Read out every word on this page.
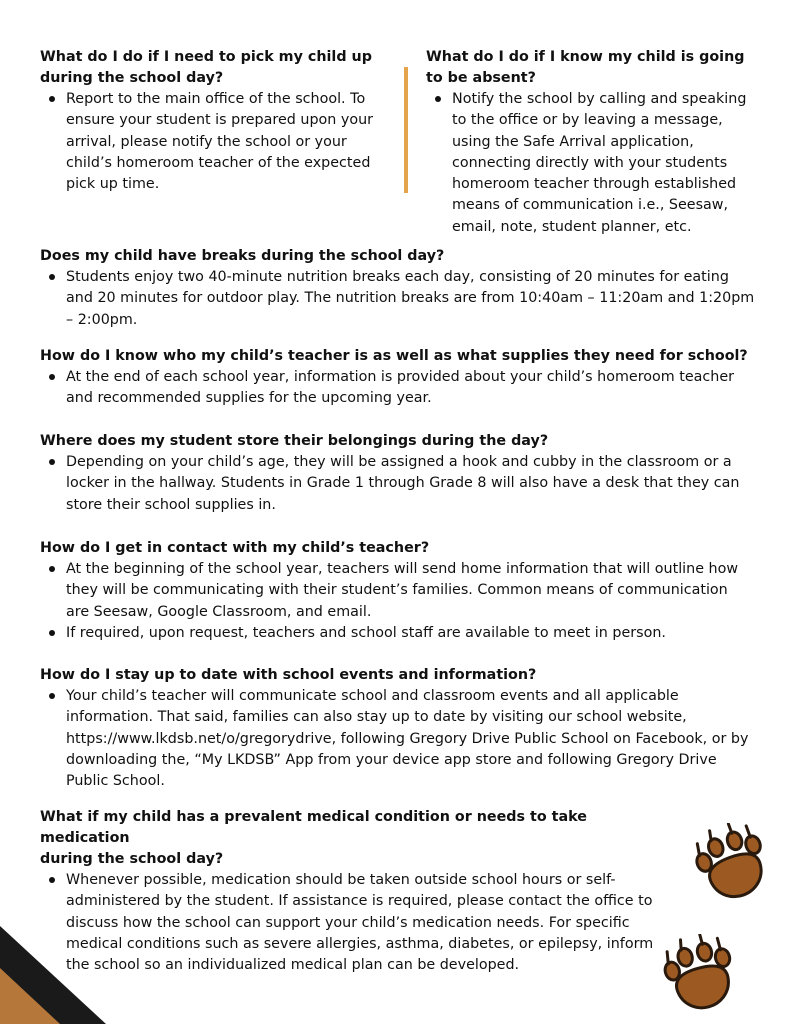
What do I do if I need to pick my child up
during the school day?

Report to the main office of the school. To ensure your student is prepared upon your arrival, please notify the school or your child’s homeroom teacher of the expected pick up time.

What do I do if I know my child is going
to be absent?

Notify the school by calling and speaking to the office or by leaving a message, using the Safe Arrival application, connecting directly with your students homeroom teacher through established means of communication i.e., Seesaw, email, note, student planner, etc.

Does my child have breaks during the school day?

Students enjoy two 40-minute nutrition breaks each day, consisting of 20 minutes for eating and 20 minutes for outdoor play. The nutrition breaks are from 10:40am – 11:20am and 1:20pm – 2:00pm.

How do I know who my child’s teacher is as well as what supplies they need for school?

At the end of each school year, information is provided about your child’s homeroom teacher and recommended supplies for the upcoming year.

Where does my student store their belongings during the day?

Depending on your child’s age, they will be assigned a hook and cubby in the classroom or a locker in the hallway. Students in Grade 1 through Grade 8 will also have a desk that they can store their school supplies in.

How do I get in contact with my child’s teacher?

At the beginning of the school year, teachers will send home information that will outline how they will be communicating with their student’s families. Common means of communication are Seesaw, Google Classroom, and email.
If required, upon request, teachers and school staff are available to meet in person.

How do I stay up to date with school events and information?

Your child’s teacher will communicate school and classroom events and all applicable information. That said, families can also stay up to date by visiting our school website, https://www.lkdsb.net/o/gregorydrive, following Gregory Drive Public School on Facebook, or by downloading the, “My LKDSB” App from your device app store and following Gregory Drive Public School.

What if my child has a prevalent medical condition or needs to take medication
during the school day?

Whenever possible, medication should be taken outside school hours or self-administered by the student. If assistance is required, please contact the office to discuss how the school can support your child’s medication needs. For specific medical conditions such as severe allergies, asthma, diabetes, or epilepsy, inform the school so an individualized medical plan can be developed.
